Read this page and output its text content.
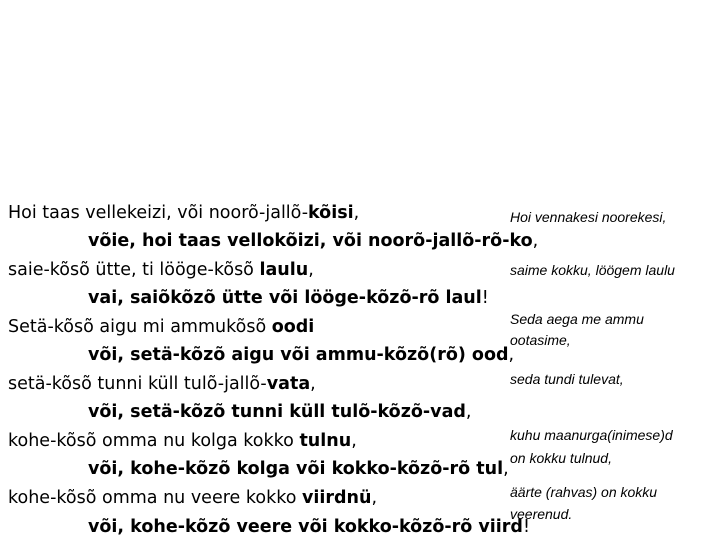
Hoi taas vellekeizi, või noorõ-jallõ-kõisi,
võie, hoi taas vellokõizi, või noorõ-jallõ-rõ-ko,
saie-kõsõ ütte, ti lööge-kõsõ laulu,
vai, saiõkõzõ ütte või lööge-kõzõ-rõ laul!
Setä-kõsõ aigu mi ammukõsõ oodi
või, setä-kõzõ aigu või ammu-kõzõ(rõ) ood,
setä-kõsõ tunni küll tulõ-jallõ-vata,
või, setä-kõzõ tunni küll tulõ-kõzõ-vad,
kohe-kõsõ omma nu kolga kokko tulnu,
või, kohe-kõzõ kolga või kokko-kõzõ-rõ tul,
kohe-kõsõ omma nu veere kokko viirdnü,
või, kohe-kõzõ veere või kokko-kõzõ-rõ viird!
Hoi vennakesi noorekesi,
saime kokku, löögem laulu
Seda aega me ammu
ootasime,
seda tundi tulevat,
kuhu maanurga(inimese)d
on kokku tulnud,
äärte (rahvas) on kokku
veerenud.
